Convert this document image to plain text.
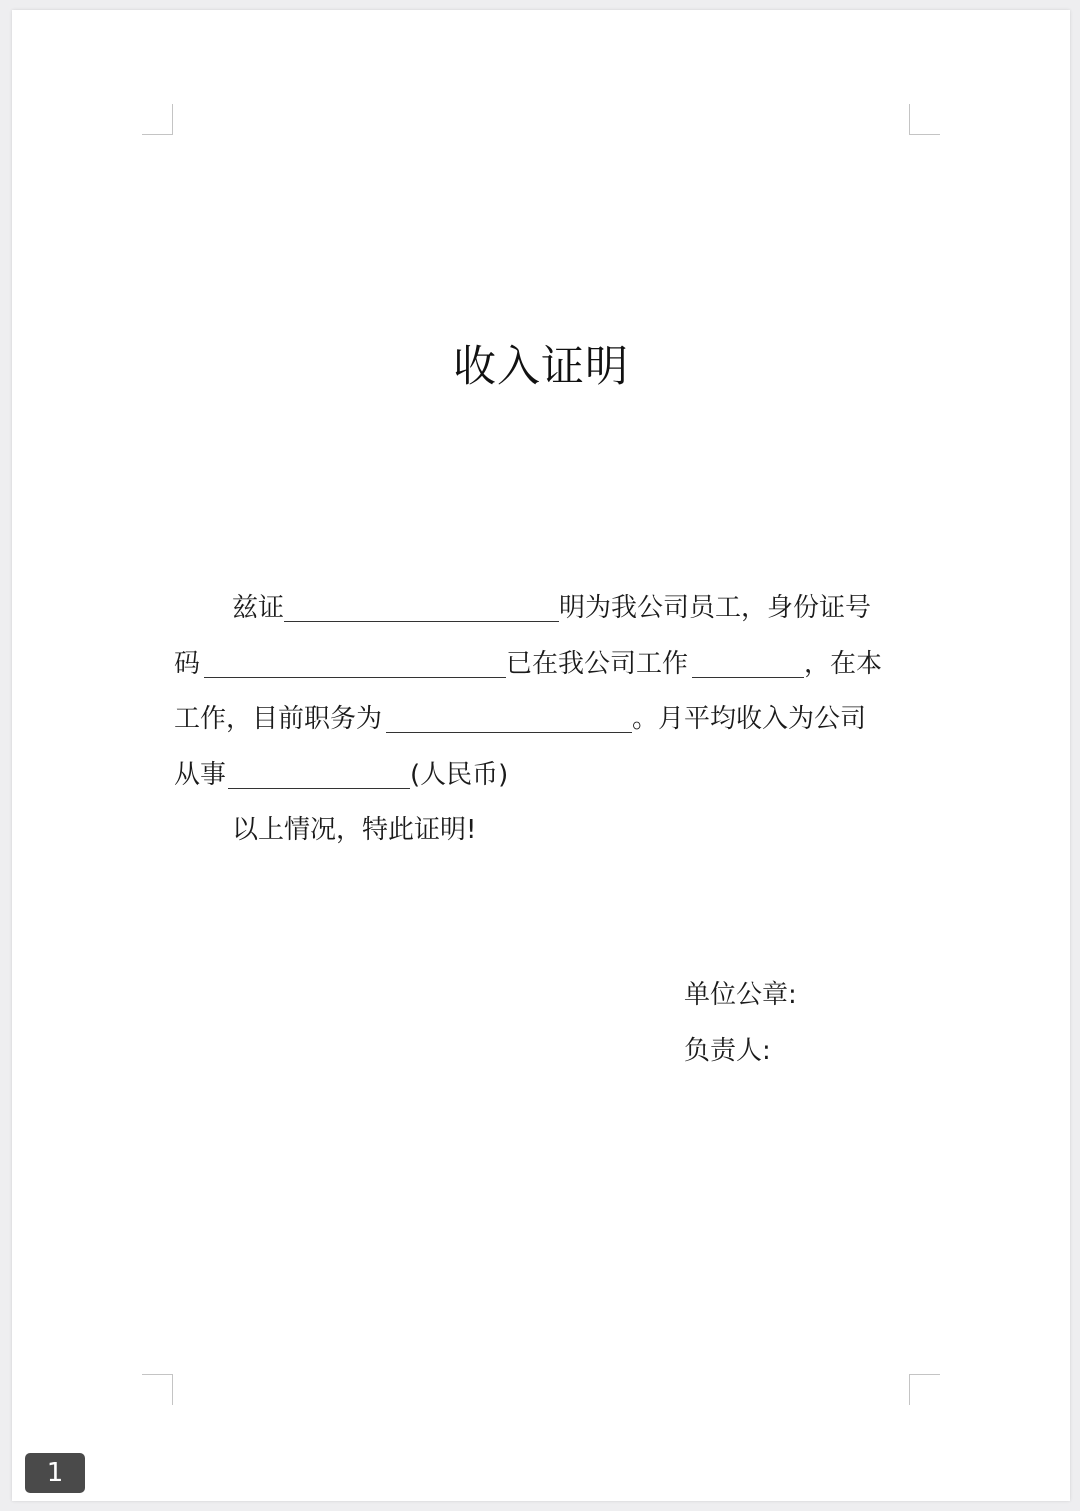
收入证明
兹证	明为我公司员工，身份证号
码	已在我公司工作	，在本
工作，目前职务为	。月平均收入为公司
从事	(人民币)
以上情况，特此证明!
单位公章:
负责人:
1
